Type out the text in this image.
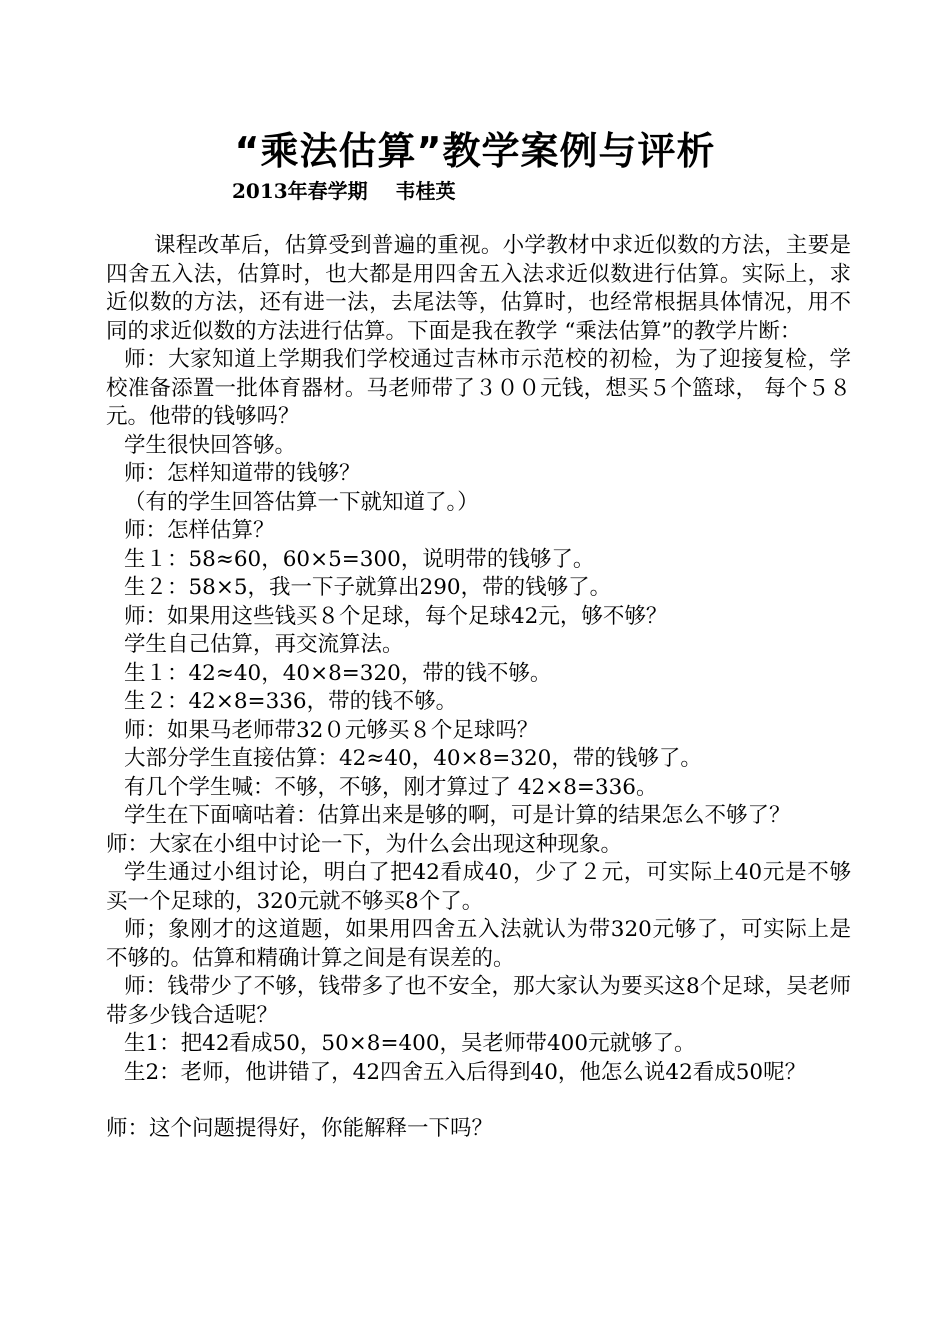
“乘法估算”教学案例与评析
2013年春学期    韦桂英

课程改革后，估算受到普遍的重视。小学教材中求近似数的方法，主要是四舍五入法，估算时，也大都是用四舍五入法求近似数进行估算。实际上，求近似数的方法，还有进一法，去尾法等，估算时，也经常根据具体情况，用不同的求近似数的方法进行估算。下面是我在教学 “乘法估算”的教学片断：

师：大家知道上学期我们学校通过吉林市示范校的初检，为了迎接复检，学校准备添置一批体育器材。马老师带了３００元钱，想买５个篮球， 每个５８元。他带的钱够吗？

学生很快回答够。

师：怎样知道带的钱够？

（有的学生回答估算一下就知道了。）

师：怎样估算？

生１：58≈60，60×5=300，说明带的钱够了。

生２：58×5，我一下子就算出290，带的钱够了。

师：如果用这些钱买８个足球，每个足球42元，够不够？

学生自己估算，再交流算法。

生１：42≈40，40×8=320，带的钱不够。

生２：42×8=336，带的钱不够。

师：如果马老师带32０元够买８个足球吗？

大部分学生直接估算：42≈40，40×8=320，带的钱够了。

有几个学生喊：不够，不够，刚才算过了 42×8=336。

学生在下面嘀咕着：估算出来是够的啊，可是计算的结果怎么不够了？

师：大家在小组中讨论一下，为什么会出现这种现象。

学生通过小组讨论，明白了把42看成40，少了２元，可实际上40元是不够买一个足球的，320元就不够买8个了。

师；象刚才的这道题，如果用四舍五入法就认为带320元够了，可实际上是不够的。估算和精确计算之间是有误差的。

师：钱带少了不够，钱带多了也不安全，那大家认为要买这8个足球，吴老师带多少钱合适呢？

生1：把42看成50，50×8=400，吴老师带400元就够了。

生2：老师，他讲错了，42四舍五入后得到40，他怎么说42看成50呢？

师：这个问题提得好，你能解释一下吗？
